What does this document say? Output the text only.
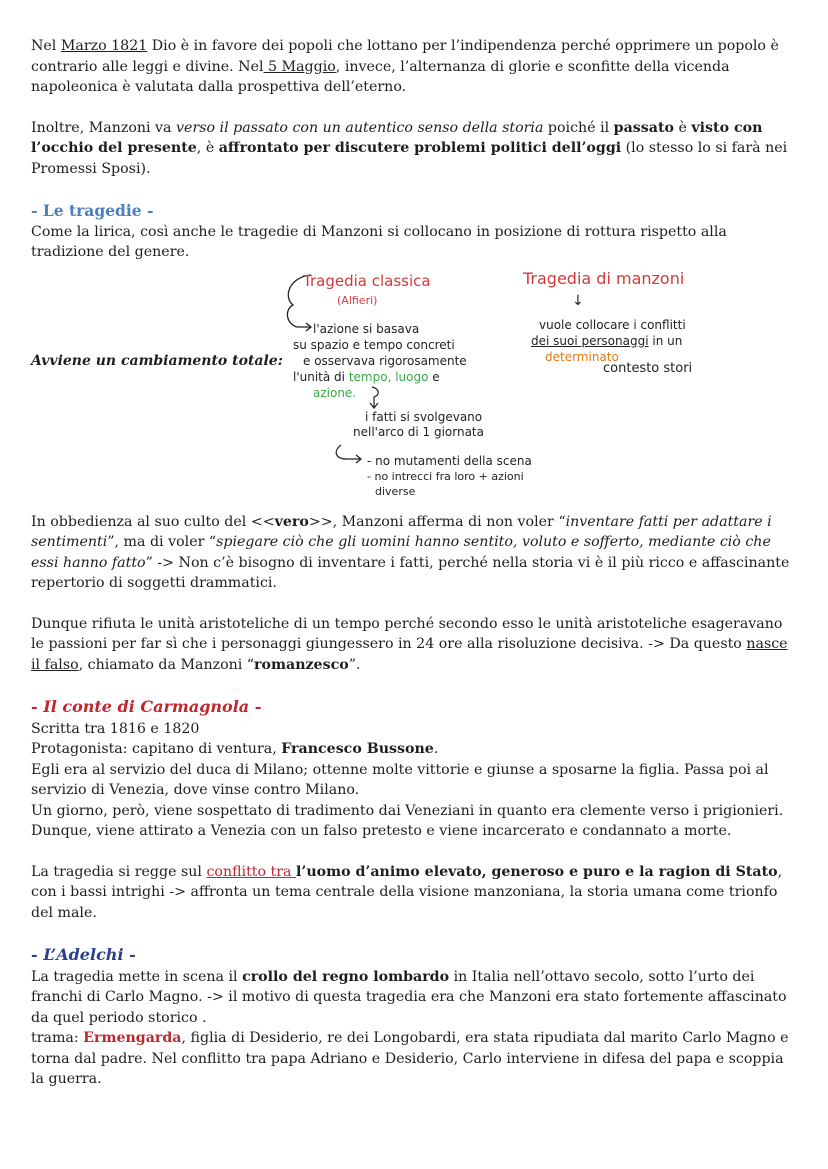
Nel Marzo 1821 Dio è in favore dei popoli che lottano per l’indipendenza perché opprimere un popolo è contrario alle leggi e divine. Nel 5 Maggio, invece, l’alternanza di glorie e sconfitte della vicenda napoleonica è valutata dalla prospettiva dell’eterno.

Inoltre, Manzoni va verso il passato con un autentico senso della storia poiché il passato è visto con l’occhio del presente, è affrontato per discutere problemi politici dell’oggi (lo stesso lo si farà nei Promessi Sposi).

- Le tragedie -

Come la lirica, così anche le tragedie di Manzoni si collocano in posizione di rottura rispetto alla tradizione del genere.

Avviene un cambiamento totale:
Tragedia classica
(Alfieri)
l'azione si basava
su spazio e tempo concreti
e osservava rigorosamente
l'unità di tempo, luogo e
azione.
i fatti si svolgevano
nell'arco di 1 giornata
- no mutamenti della scena
- no intrecci fra loro + azioni
diverse
Tragedia di manzoni
↓
vuole collocare i conflitti
dei suoi personaggi in un
determinato
contesto stori

In obbedienza al suo culto del <<vero>>, Manzoni afferma di non voler “inventare fatti per adattare i sentimenti”, ma di voler “spiegare ciò che gli uomini hanno sentito, voluto e sofferto, mediante ciò che essi hanno fatto” -> Non c’è bisogno di inventare i fatti, perché nella storia vi è il più ricco e affascinante repertorio di soggetti drammatici.

Dunque rifiuta le unità aristoteliche di un tempo perché secondo esso le unità aristoteliche esageravano le passioni per far sì che i personaggi giungessero in 24 ore alla risoluzione decisiva. -> Da questo nasce il falso, chiamato da Manzoni “romanzesco”.

- Il conte di Carmagnola -

Scritta tra 1816 e 1820

Protagonista: capitano di ventura, Francesco Bussone.

Egli era al servizio del duca di Milano; ottenne molte vittorie e giunse a sposarne la figlia. Passa poi al servizio di Venezia, dove vinse contro Milano.

Un giorno, però, viene sospettato di tradimento dai Veneziani in quanto era clemente verso i prigionieri.

Dunque, viene attirato a Venezia con un falso pretesto e viene incarcerato e condannato a morte.

La tragedia si regge sul conflitto tra l’uomo d’animo elevato, generoso e puro e la ragion di Stato, con i bassi intrighi -> affronta un tema centrale della visione manzoniana, la storia umana come trionfo del male.

- L’Adelchi -

La tragedia mette in scena il crollo del regno lombardo in Italia nell’ottavo secolo, sotto l’urto dei franchi di Carlo Magno. -> il motivo di questa tragedia era che Manzoni era stato fortemente affascinato da quel periodo storico .

trama: Ermengarda, figlia di Desiderio, re dei Longobardi, era stata ripudiata dal marito Carlo Magno e torna dal padre. Nel conflitto tra papa Adriano e Desiderio, Carlo interviene in difesa del papa e scoppia la guerra.
